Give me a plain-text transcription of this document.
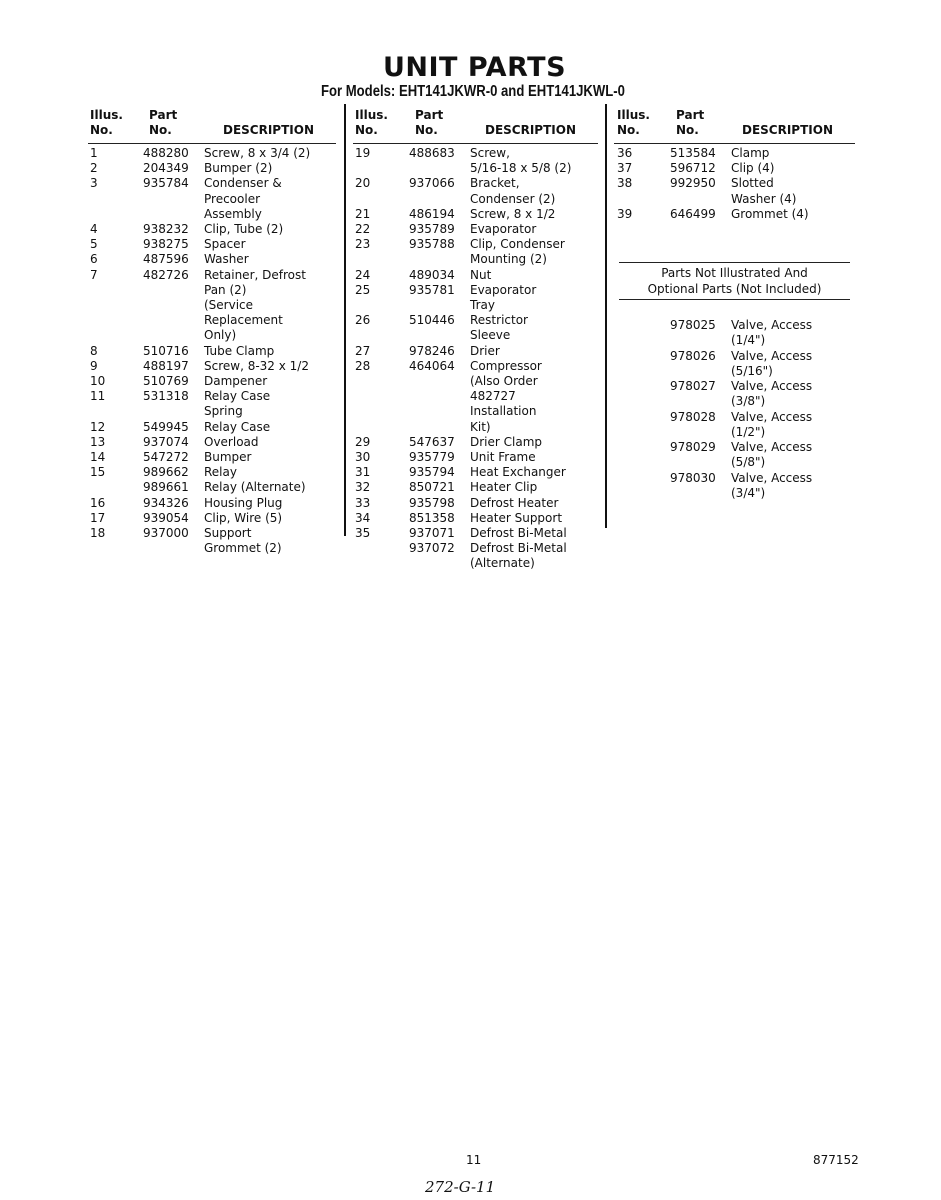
UNIT PARTS
For Models: EHT141JKWR-0 and EHT141JKWL-0
Illus.
No.
Part
No.	DESCRIPTION
1	488280 Screw, 8 x 3/4 (2)
2	204349 Bumper (2)
3	935784 Condenser &
Precooler
Assembly
4	938232 Clip, Tube (2)
5	938275 Spacer
6	487596 Washer
7	482726 Retainer, Defrost
Pan (2)
(Service
Replacement
Only)
8	510716 Tube Clamp
9	488197 Screw, 8-32 x 1/2
10	510769 Dampener
11	531318 Relay Case
Spring
12	549945 Relay Case
13	937074 Overload
14	547272 Bumper
15	989662 Relay
989661 Relay (Alternate)
16	934326 Housing Plug
17	939054 Clip, Wire (5)
18	937000 Support
Grommet (2)
Illus.
No.
Part
No.	DESCRIPTION
19	488683 Screw,
5/16-18 x 5/8 (2)
20	937066 Bracket,
Condenser (2)
21	486194 Screw, 8 x 1/2
22	935789 Evaporator
23	935788 Clip, Condenser
Mounting (2)
24	489034 Nut
25	935781 Evaporator
Tray
26	510446 Restrictor
Sleeve
27	978246 Drier
28	464064 Compressor
(Also Order
482727
Installation
Kit)
29	547637 Drier Clamp
30	935779 Unit Frame
31	935794 Heat Exchanger
32	850721 Heater Clip
33	935798 Defrost Heater
34	851358 Heater Support
35	937071 Defrost Bi-Metal
937072 Defrost Bi-Metal
(Alternate)
Illus.
No.
Part
No.	DESCRIPTION
36	513584 Clamp
37	596712 Clip (4)
38	992950 Slotted
Washer (4)
39	646499 Grommet (4)
Parts Not Illustrated And
Optional Parts (Not Included)
978025 Valve, Access
(1/4")
978026 Valve, Access
(5/16")
978027 Valve, Access
(3/8")
978028 Valve, Access
(1/2")
978029 Valve, Access
(5/8")
978030 Valve, Access
(3/4")
11	877152
272-G-11
